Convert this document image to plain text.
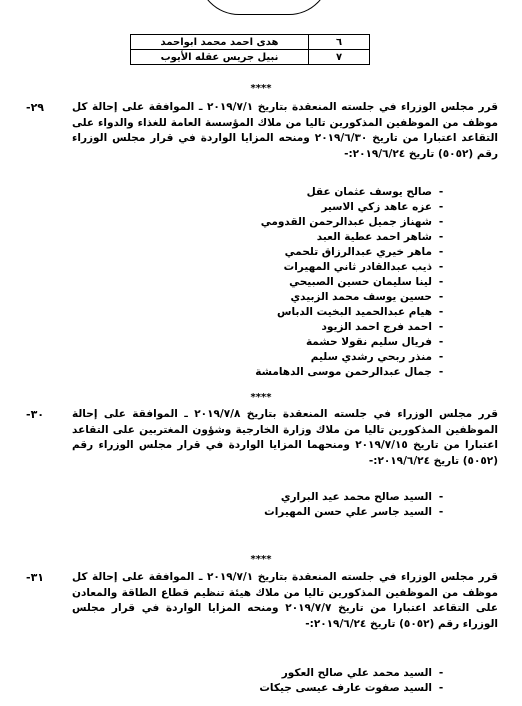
٦	هدى احمد محمد ابواحمد
٧	نبيل جريس عقله الأيوب
****
-٢٩	قرر مجلس الوزراء في جلسته المنعقدة بتاريخ ٢٠١٩/٧/١ ـ الموافقة على إحالة كل موظف من الموظفين المذكورين تاليا من ملاك المؤسسة العامة للغذاء والدواء على التقاعد اعتبارا من تاريخ ٢٠١٩/٦/٣٠ ومنحه المزايا الواردة في قرار مجلس الوزراء رقم (٥٠٥٢) تاريخ ٢٠١٩/٦/٢٤:-
-صالح يوسف عثمان عقل
-عزه عاهد زكي الاسير
-شهناز جميل عبدالرحمن القدومي
-شاهر احمد عطية العبد
-ماهر خيري عبدالرزاق تلحمي
-ذيب عبدالقادر ثاني المهيرات
-لينا سليمان حسين الصبيحي
-حسين يوسف محمد الزبيدي
-هيام عبدالحميد البخيت الدباس
-احمد فرج احمد الزيود
-فريال سليم نقولا حشمة
-منذر ربحي رشدي سليم
-جمال عبدالرحمن موسى الدهامشة
****
-٣٠	قرر مجلس الوزراء في جلسته المنعقدة بتاريخ ٢٠١٩/٧/٨ ـ الموافقة على إحالة الموظفين المذكورين تاليا من ملاك وزارة الخارجية وشؤون المغتربين على التقاعد اعتبارا من تاريخ ٢٠١٩/٧/١٥ ومنحهما المزايا الواردة في قرار مجلس الوزراء رقم (٥٠٥٢) تاريخ ٢٠١٩/٦/٢٤:-
-السيد صالح محمد عيد البراري
-السيد جاسر علي حسن المهيرات
****
-٣١	قرر مجلس الوزراء في جلسته المنعقدة بتاريخ ٢٠١٩/٧/١ ـ الموافقة على إحالة كل موظف من الموظفين المذكورين تاليا من ملاك هيئة تنظيم قطاع الطاقة والمعادن على التقاعد اعتبارا من تاريخ ٢٠١٩/٧/٧ ومنحه المزايا الواردة في قرار مجلس الوزراء رقم (٥٠٥٢) تاريخ ٢٠١٩/٦/٢٤:-
-السيد محمد علي صالح العكور
-السيد صفوت عارف عيسى جيكات
